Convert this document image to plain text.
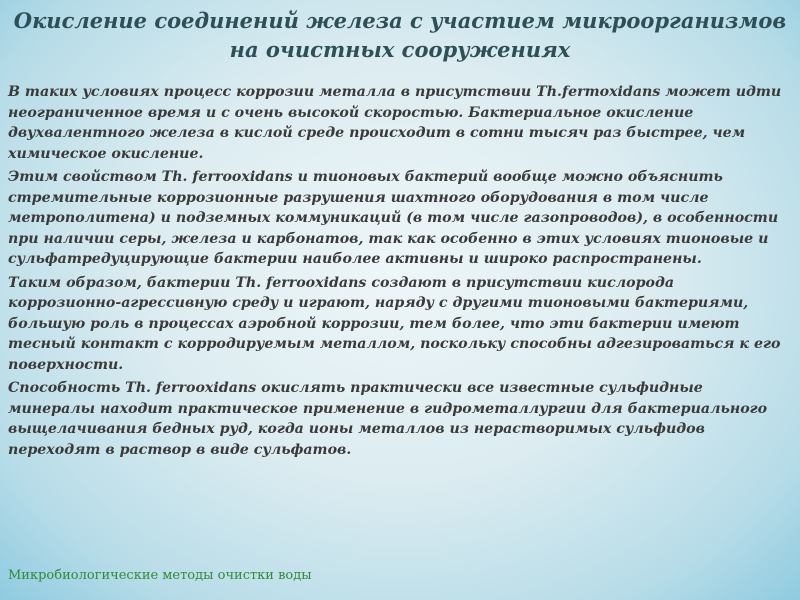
Окисление соединений железа с участием микроорганизмов
на очистных сооружениях

В таких условиях процесс коррозии металла в присутствии Th.fermoxidans может идти неограниченное время и с очень высокой скоростью. Бактериальное окисление двухвалентного железа в кислой среде происходит в сотни тысяч раз быстрее, чем химическое окисление.

Этим свойством Th. ferrooxidans и тионовых бактерий вообще можно объяснить стремительные коррозионные разрушения шахтного оборудования в том числе метрополитена) и подземных коммуникаций (в том числе газопроводов), в особенности при наличии серы, железа и карбонатов, так как особенно в этих условиях тионовые и сульфатредуцирующие бактерии наиболее активны и широко распространены.

Таким образом, бактерии Th. ferrooxidans создают в присутствии кислорода коррозионно-агрессивную среду и играют, наряду с другими тионовыми бактериями, большую роль в процессах аэробной коррозии, тем более, что эти бактерии имеют тесный контакт с корродируемым металлом, поскольку способны адгезироваться к его поверхности.

Способность Th. ferrooxidans окислять практически все известные сульфидные минералы находит практическое применение в гидрометаллургии для бактериального выщелачивания бедных руд, когда ионы металлов из нерастворимых сульфидов переходят в раствор в виде сульфатов.

Микробиологические методы очистки воды
